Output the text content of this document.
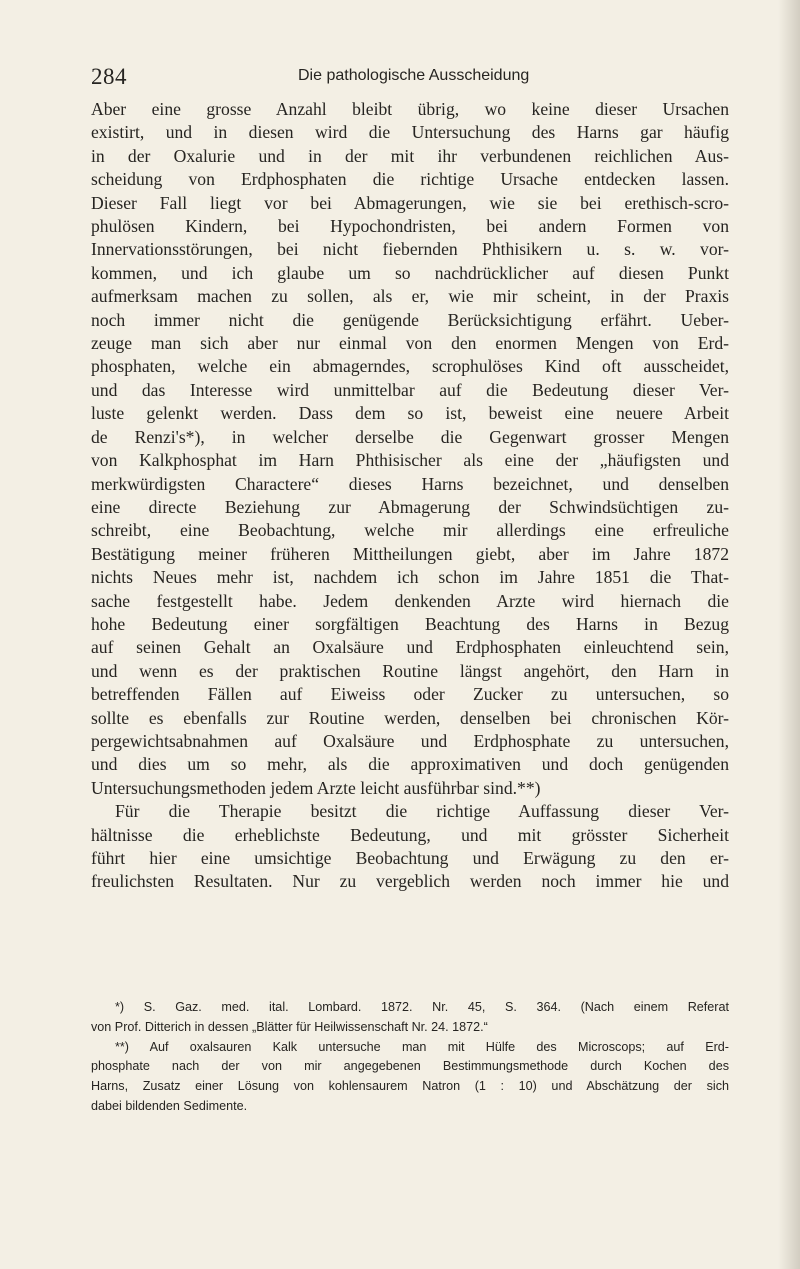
284	Die pathologische Ausscheidung
Aber eine grosse Anzahl bleibt übrig, wo keine dieser Ursachen
existirt, und in diesen wird die Untersuchung des Harns gar häufig
in der Oxalurie und in der mit ihr verbundenen reichlichen Aus-
scheidung von Erdphosphaten die richtige Ursache entdecken lassen.
Dieser Fall liegt vor bei Abmagerungen, wie sie bei erethisch-scro-
phulösen Kindern, bei Hypochondristen, bei andern Formen von
Innervationsstörungen, bei nicht fiebernden Phthisikern u. s. w. vor-
kommen, und ich glaube um so nachdrücklicher auf diesen Punkt
aufmerksam machen zu sollen, als er, wie mir scheint, in der Praxis
noch immer nicht die genügende Berücksichtigung erfährt. Ueber-
zeuge man sich aber nur einmal von den enormen Mengen von Erd-
phosphaten, welche ein abmagerndes, scrophulöses Kind oft ausscheidet,
und das Interesse wird unmittelbar auf die Bedeutung dieser Ver-
luste gelenkt werden. Dass dem so ist, beweist eine neuere Arbeit
de Renzi's*), in welcher derselbe die Gegenwart grosser Mengen
von Kalkphosphat im Harn Phthisischer als eine der „häufigsten und
merkwürdigsten Charactere“ dieses Harns bezeichnet, und denselben
eine directe Beziehung zur Abmagerung der Schwindsüchtigen zu-
schreibt, eine Beobachtung, welche mir allerdings eine erfreuliche
Bestätigung meiner früheren Mittheilungen giebt, aber im Jahre 1872
nichts Neues mehr ist, nachdem ich schon im Jahre 1851 die That-
sache festgestellt habe. Jedem denkenden Arzte wird hiernach die
hohe Bedeutung einer sorgfältigen Beachtung des Harns in Bezug
auf seinen Gehalt an Oxalsäure und Erdphosphaten einleuchtend sein,
und wenn es der praktischen Routine längst angehört, den Harn in
betreffenden Fällen auf Eiweiss oder Zucker zu untersuchen, so
sollte es ebenfalls zur Routine werden, denselben bei chronischen Kör-
pergewichtsabnahmen auf Oxalsäure und Erdphosphate zu untersuchen,
und dies um so mehr, als die approximativen und doch genügenden
Untersuchungsmethoden jedem Arzte leicht ausführbar sind.**)
Für die Therapie besitzt die richtige Auffassung dieser Ver-
hältnisse die erheblichste Bedeutung, und mit grösster Sicherheit
führt hier eine umsichtige Beobachtung und Erwägung zu den er-
freulichsten Resultaten. Nur zu vergeblich werden noch immer hie und
*) S. Gaz. med. ital. Lombard. 1872. Nr. 45, S. 364. (Nach einem Referat
von Prof. Ditterich in dessen „Blätter für Heilwissenschaft Nr. 24. 1872.“
**) Auf oxalsauren Kalk untersuche man mit Hülfe des Microscops; auf Erd-
phosphate nach der von mir angegebenen Bestimmungsmethode durch Kochen des
Harns, Zusatz einer Lösung von kohlensaurem Natron (1 : 10) und Abschätzung der sich
dabei bildenden Sedimente.
